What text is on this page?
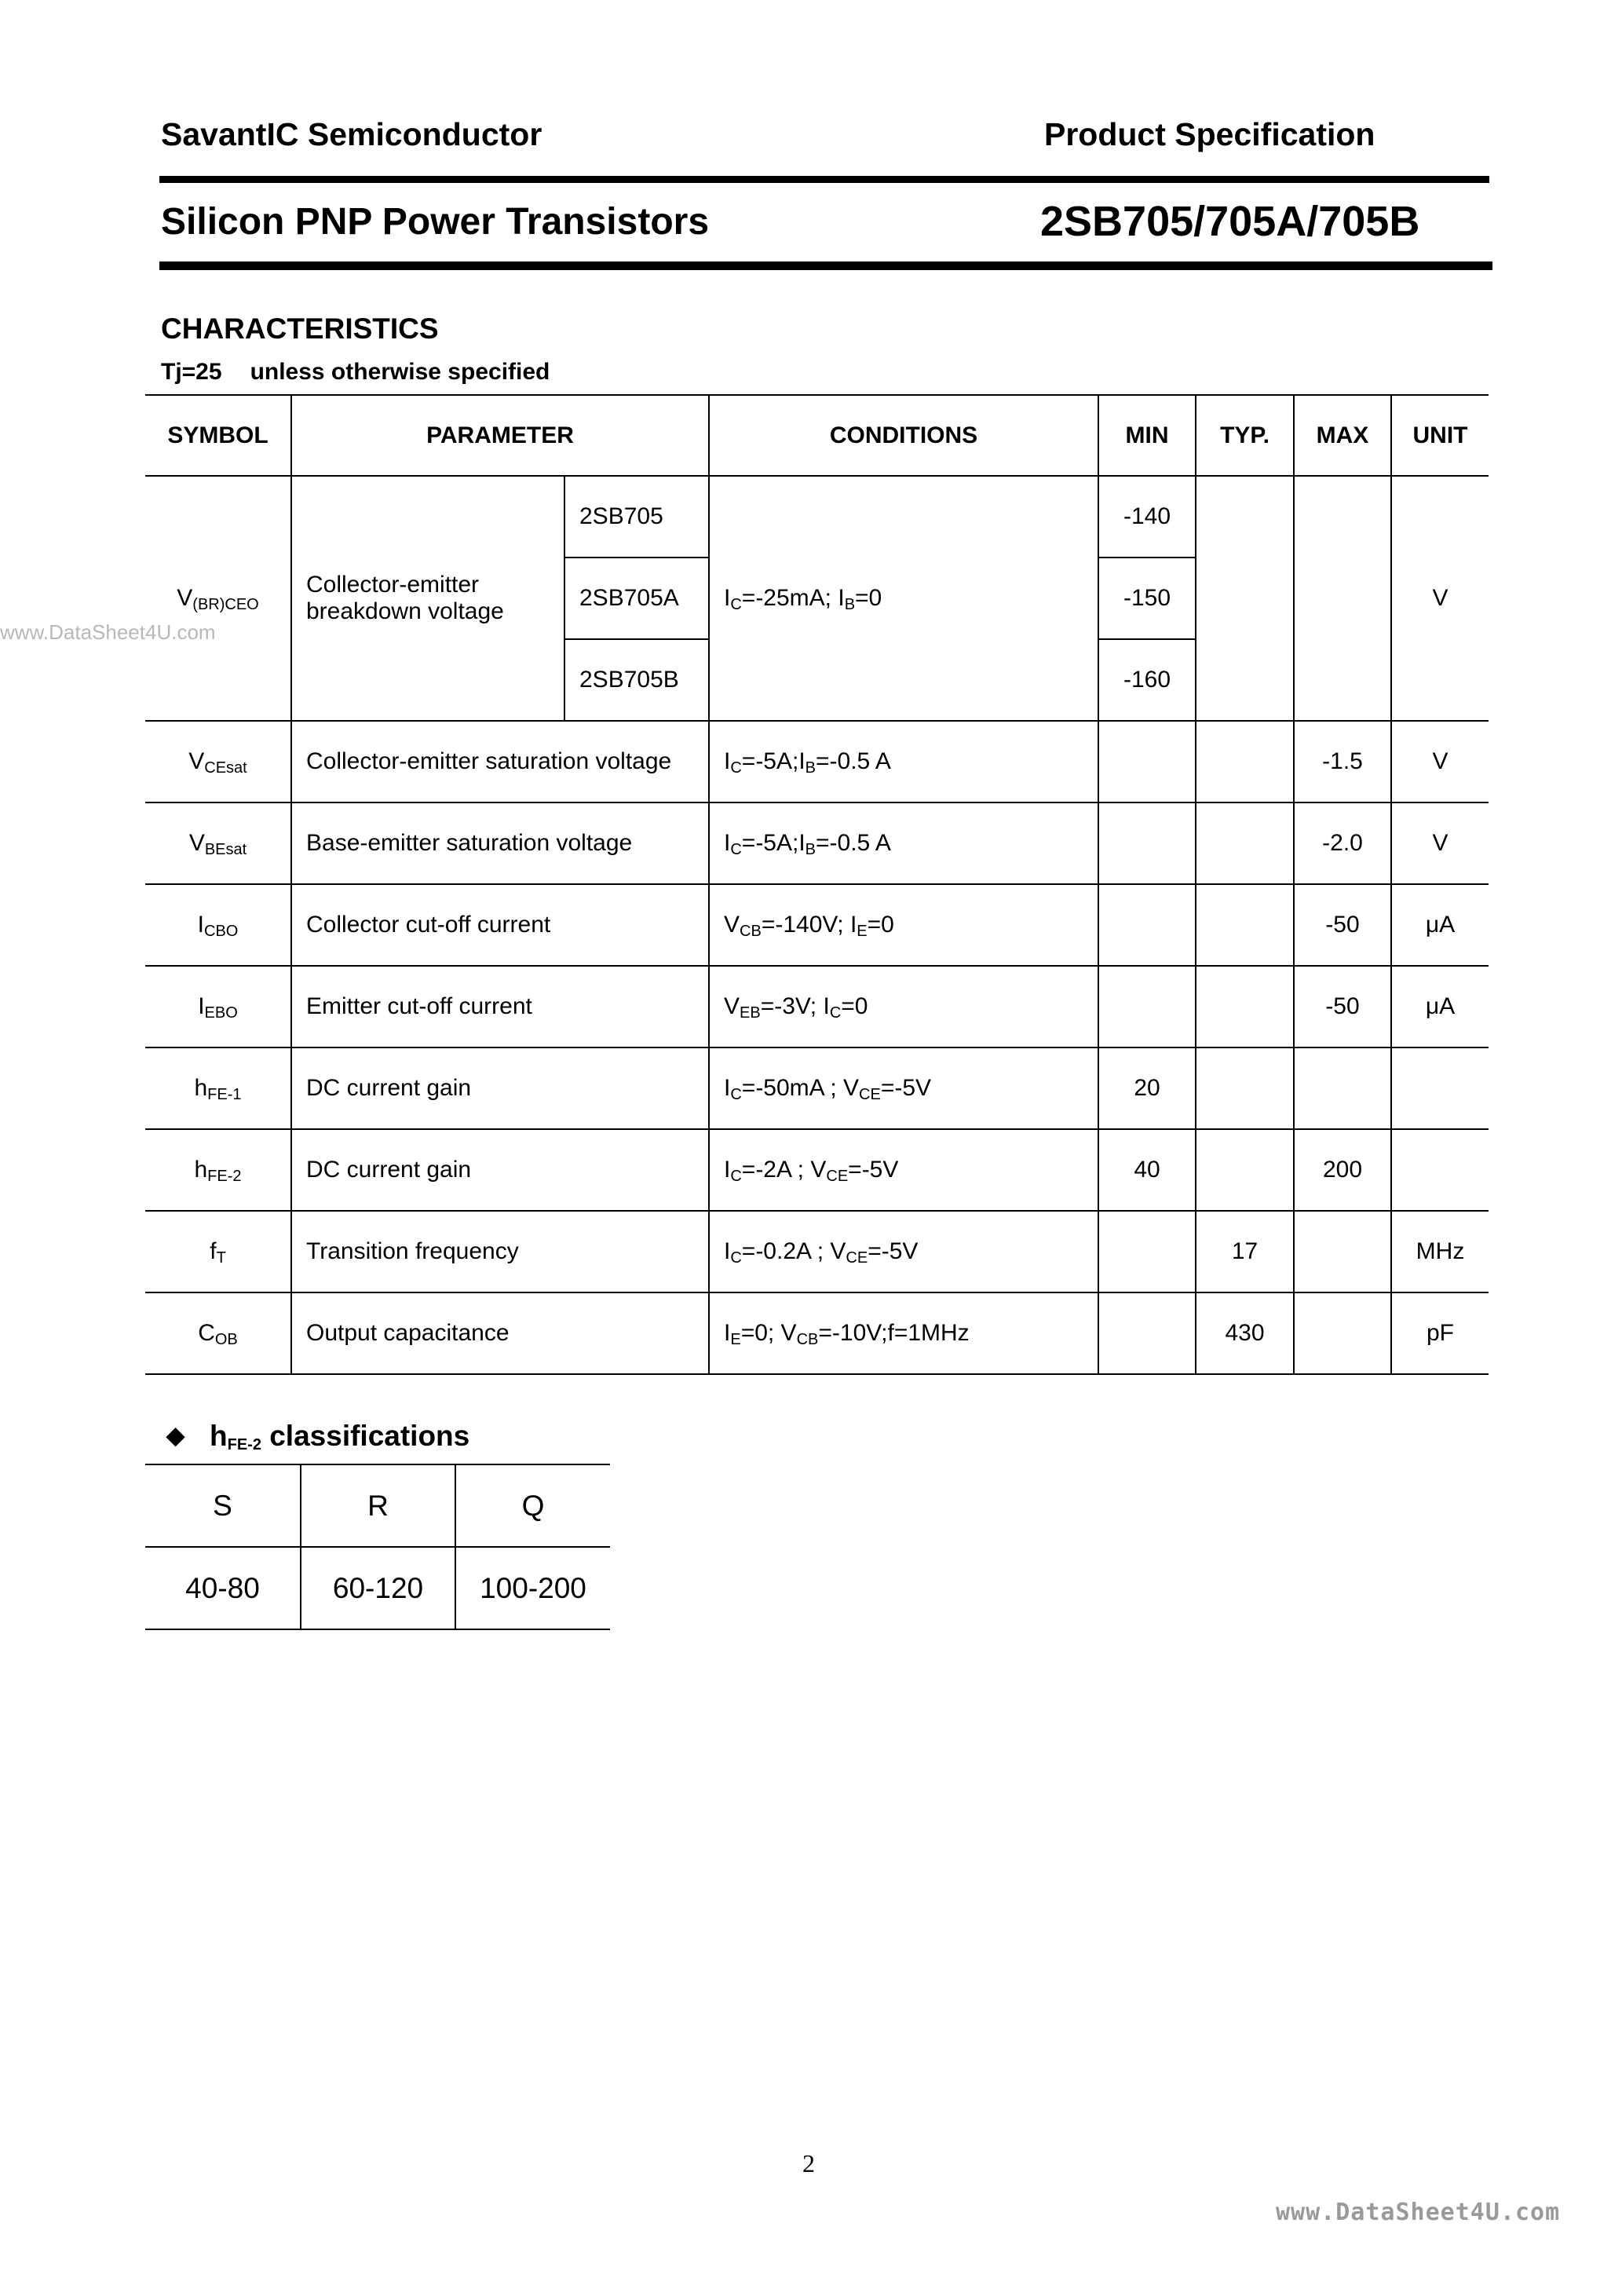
SavantIC Semiconductor	Product Specification
Silicon PNP Power Transistors	2SB705/705A/705B
CHARACTERISTICS
Tj=25 unless otherwise specified
www.DataSheet4U.com
SYMBOL	PARAMETER		CONDITIONS	MIN	TYP.	MAX	UNIT
$V_{(BR)CEO}$	Collector-emitter breakdown voltage	2SB705	$I_C=-25mA$; $I_B=0$	-140			V
		2SB705A		-150			
		2SB705B		-160			
$V_{CEsat}$	Collector-emitter saturation voltage		$I_C=-5A;I_B=-0.5$ A			-1.5	V
$V_{BEsat}$	Base-emitter saturation voltage		$I_C=-5A;I_B=-0.5$ A			-2.0	V
$I_{CBO}$	Collector cut-off current		$V_{CB}=-140V$; $I_E=0$			-50	μA
$I_{EBO}$	Emitter cut-off current		$V_{EB}=-3V$; $I_C=0$			-50	μA
$h_{FE-1}$	DC current gain		$I_C=-50mA$ ; $V_{CE}=-5V$	20			
$h_{FE-2}$	DC current gain		$I_C=-2A$ ; $V_{CE}=-5V$	40		200	
$f_T$	Transition frequency		$I_C=-0.2A$ ; $V_{CE}=-5V$		17		MHz
$C_{OB}$	Output capacitance		$I_E=0$; $V_{CB}=-10V;f=1MHz$		430		pF
◆ $h_{FE-2}$ classifications
S	R	Q
40-80	60-120	100-200
2
www.DataSheet4U.com
